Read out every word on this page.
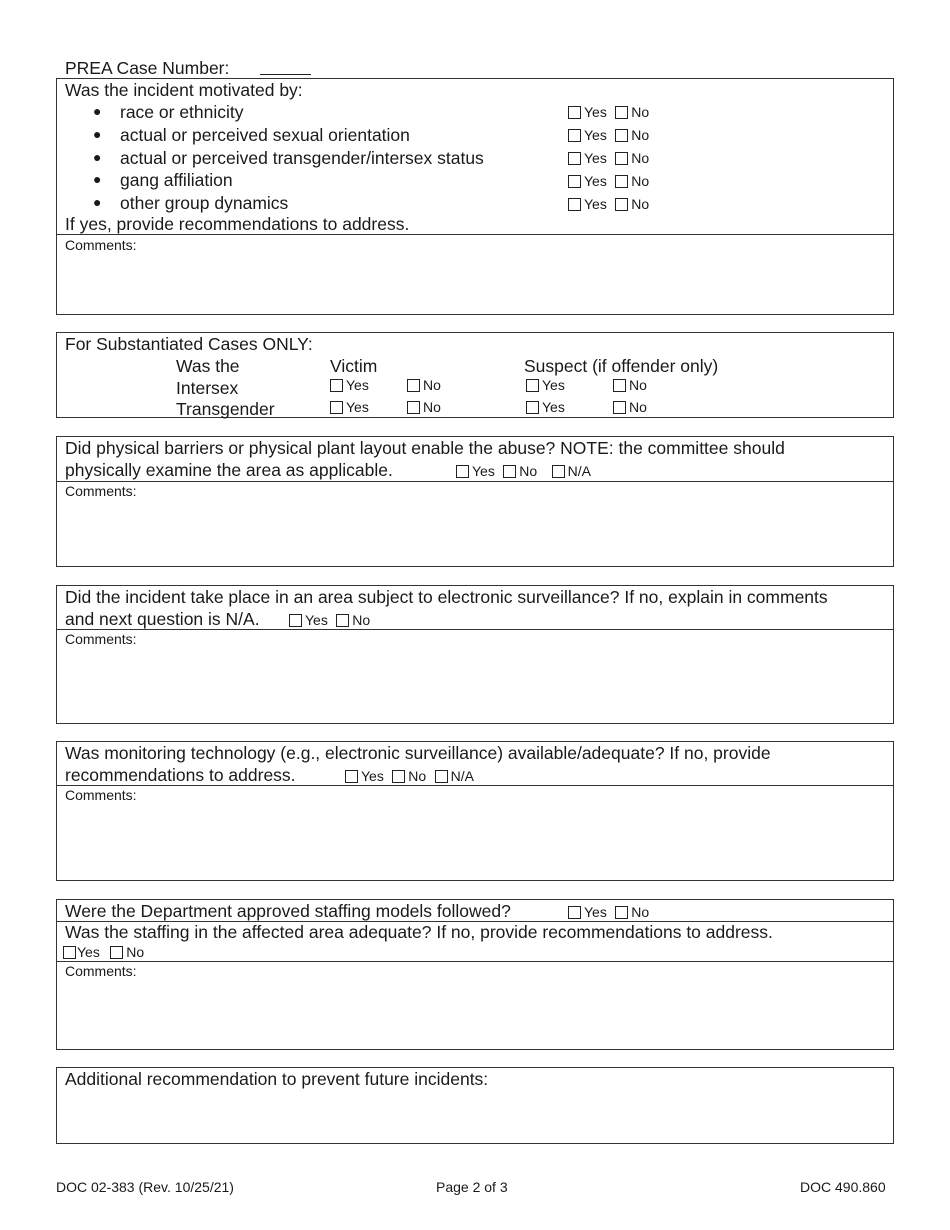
PREA Case Number:
Was the incident motivated by:
● race or ethnicity	Yes No
● actual or perceived sexual orientation	Yes No
● actual or perceived transgender/intersex status	Yes No
● gang affiliation	Yes No
● other group dynamics	Yes No
If yes, provide recommendations to address.
Comments:
For Substantiated Cases ONLY:
Was the	Victim	Suspect (if offender only)
Intersex	Yes	No	Yes	No
Transgender	Yes	No	Yes	No
Did physical barriers or physical plant layout enable the abuse? NOTE: the committee should
physically examine the area as applicable.	Yes No N/A
Comments:
Did the incident take place in an area subject to electronic surveillance? If no, explain in comments
and next question is N/A.	Yes No
Comments:
Was monitoring technology (e.g., electronic surveillance) available/adequate? If no, provide
recommendations to address.	Yes No N/A
Comments:
Were the Department approved staffing models followed?	Yes No
Was the staffing in the affected area adequate? If no, provide recommendations to address.
Yes No
Comments:
Additional recommendation to prevent future incidents:
DOC 02-383 (Rev. 10/25/21)	Page 2 of 3	DOC 490.860
